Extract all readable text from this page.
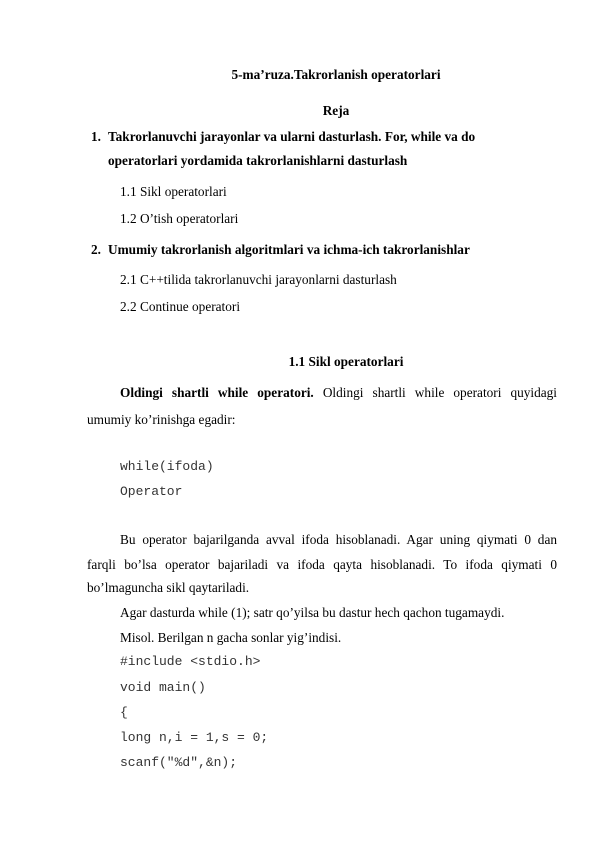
5-ma’ruza.Takrorlanish operatorlari
Reja
1. Takrorlanuvchi jarayonlar va ularni dasturlash. For, while va do
operatorlari yordamida takrorlanishlarni dasturlash
1.1 Sikl operatorlari
1.2 O’tish operatorlari
2. Umumiy takrorlanish algoritmlari va ichma-ich takrorlanishlar
2.1 C++tilida takrorlanuvchi jarayonlarni dasturlash
2.2 Continue operatori
1.1 Sikl operatorlari
Oldingi shartli while operatori. Oldingi shartli while operatori quyidagi
umumiy ko’rinishga egadir:
while(ifoda)
Operator
Bu operator bajarilganda avval ifoda hisoblanadi. Agar uning qiymati 0 dan
farqli bo’lsa operator bajariladi va ifoda qayta hisoblanadi. To ifoda qiymati 0
bo’lmaguncha sikl qaytariladi.
Agar dasturda while (1); satr qo’yilsa bu dastur hech qachon tugamaydi.
Misol. Berilgan n gacha sonlar yig’indisi.
#include <stdio.h>
void main()
{
long n,i = 1,s = 0;
scanf("%d",&n);
